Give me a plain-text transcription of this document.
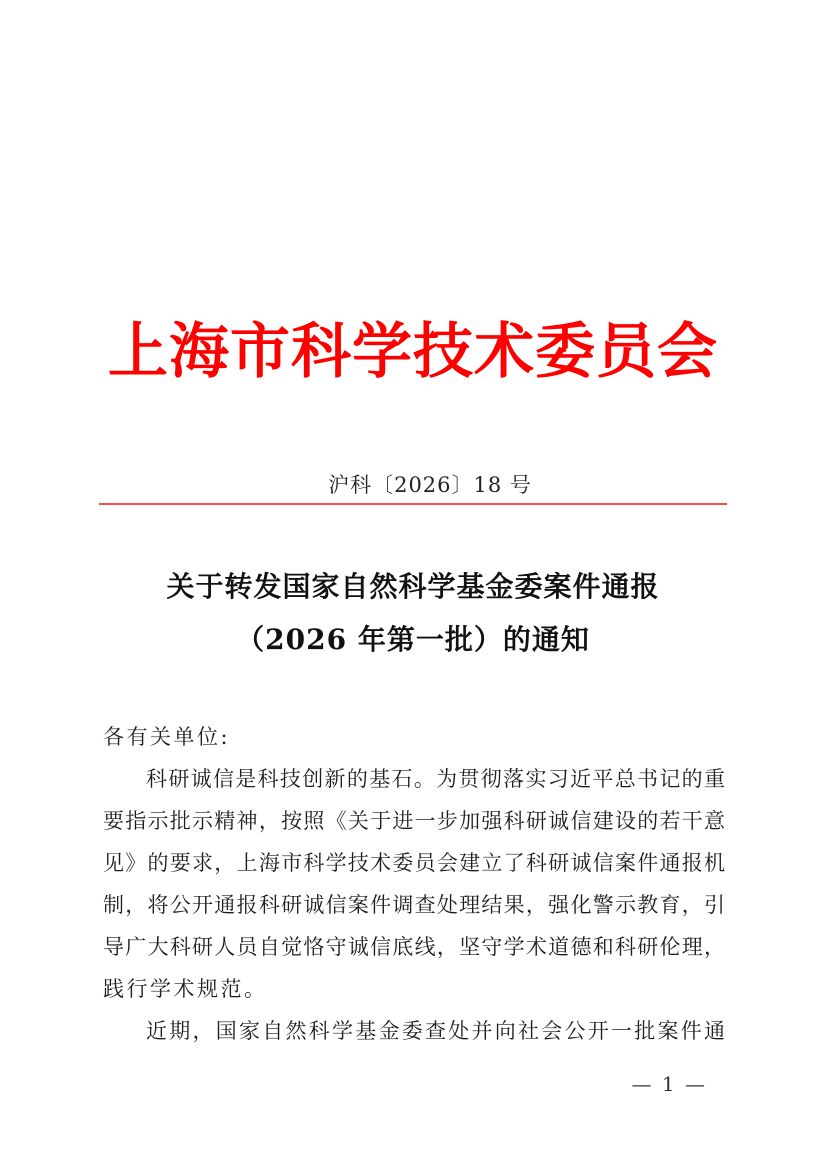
上海市科学技术委员会
沪科〔2026〕18 号
关于转发国家自然科学基金委案件通报
（2026 年第一批）的通知
各有关单位:
科研诚信是科技创新的基石。为贯彻落实习近平总书记的重
要指示批示精神，按照《关于进一步加强科研诚信建设的若干意
见》的要求，上海市科学技术委员会建立了科研诚信案件通报机
制，将公开通报科研诚信案件调查处理结果，强化警示教育，引
导广大科研人员自觉恪守诚信底线，坚守学术道德和科研伦理，
践行学术规范。
近期，国家自然科学基金委查处并向社会公开一批案件通
— 1 —
